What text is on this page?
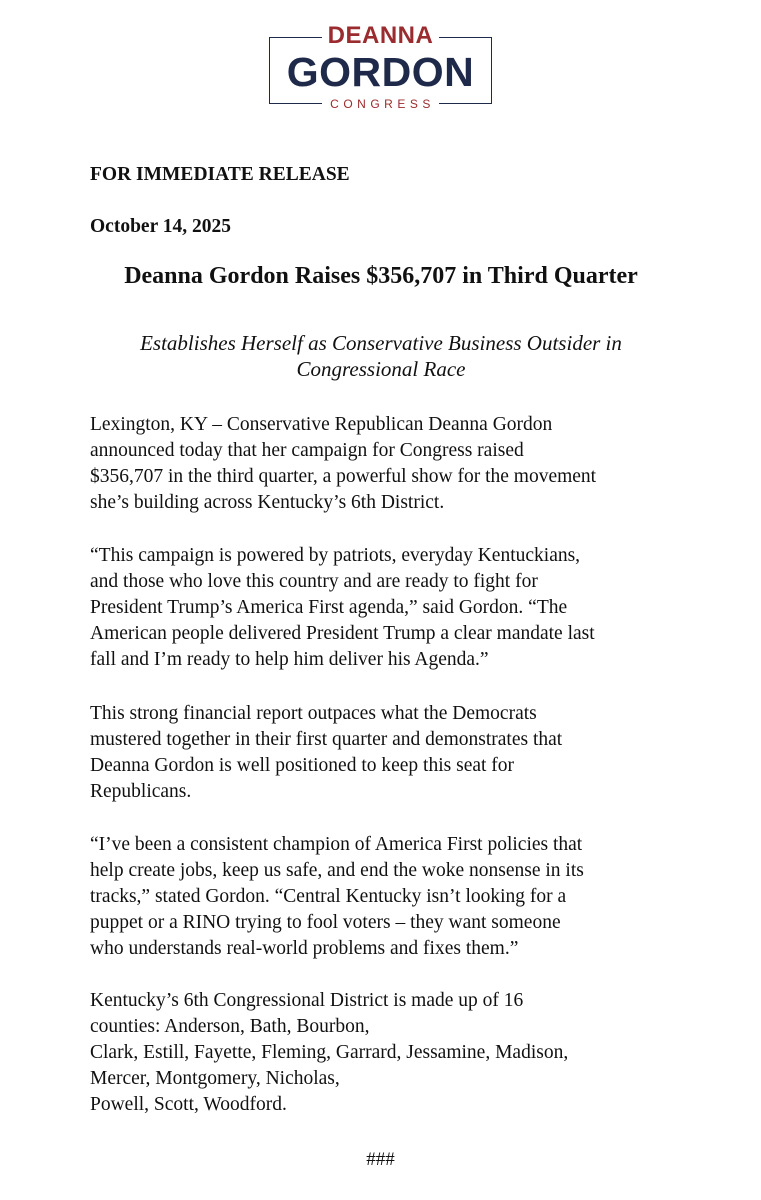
DEANNA
GORDON
CONGRESS
FOR IMMEDIATE RELEASE
October 14, 2025
Deanna Gordon Raises $356,707 in Third Quarter
Establishes Herself as Conservative Business Outsider in Congressional Race
Lexington, KY – Conservative Republican Deanna Gordon
announced today that her campaign for Congress raised
$356,707 in the third quarter, a powerful show for the movement
she’s building across Kentucky’s 6th District.
“This campaign is powered by patriots, everyday Kentuckians,
and those who love this country and are ready to fight for
President Trump’s America First agenda,” said Gordon. “The
American people delivered President Trump a clear mandate last
fall and I’m ready to help him deliver his Agenda.”
This strong financial report outpaces what the Democrats
mustered together in their first quarter and demonstrates that
Deanna Gordon is well positioned to keep this seat for
Republicans.
“I’ve been a consistent champion of America First policies that
help create jobs, keep us safe, and end the woke nonsense in its
tracks,” stated Gordon. “Central Kentucky isn’t looking for a
puppet or a RINO trying to fool voters – they want someone
who understands real-world problems and fixes them.”
Kentucky’s 6th Congressional District is made up of 16
counties: Anderson, Bath, Bourbon,
Clark, Estill, Fayette, Fleming, Garrard, Jessamine, Madison,
Mercer, Montgomery, Nicholas,
Powell, Scott, Woodford.
###
